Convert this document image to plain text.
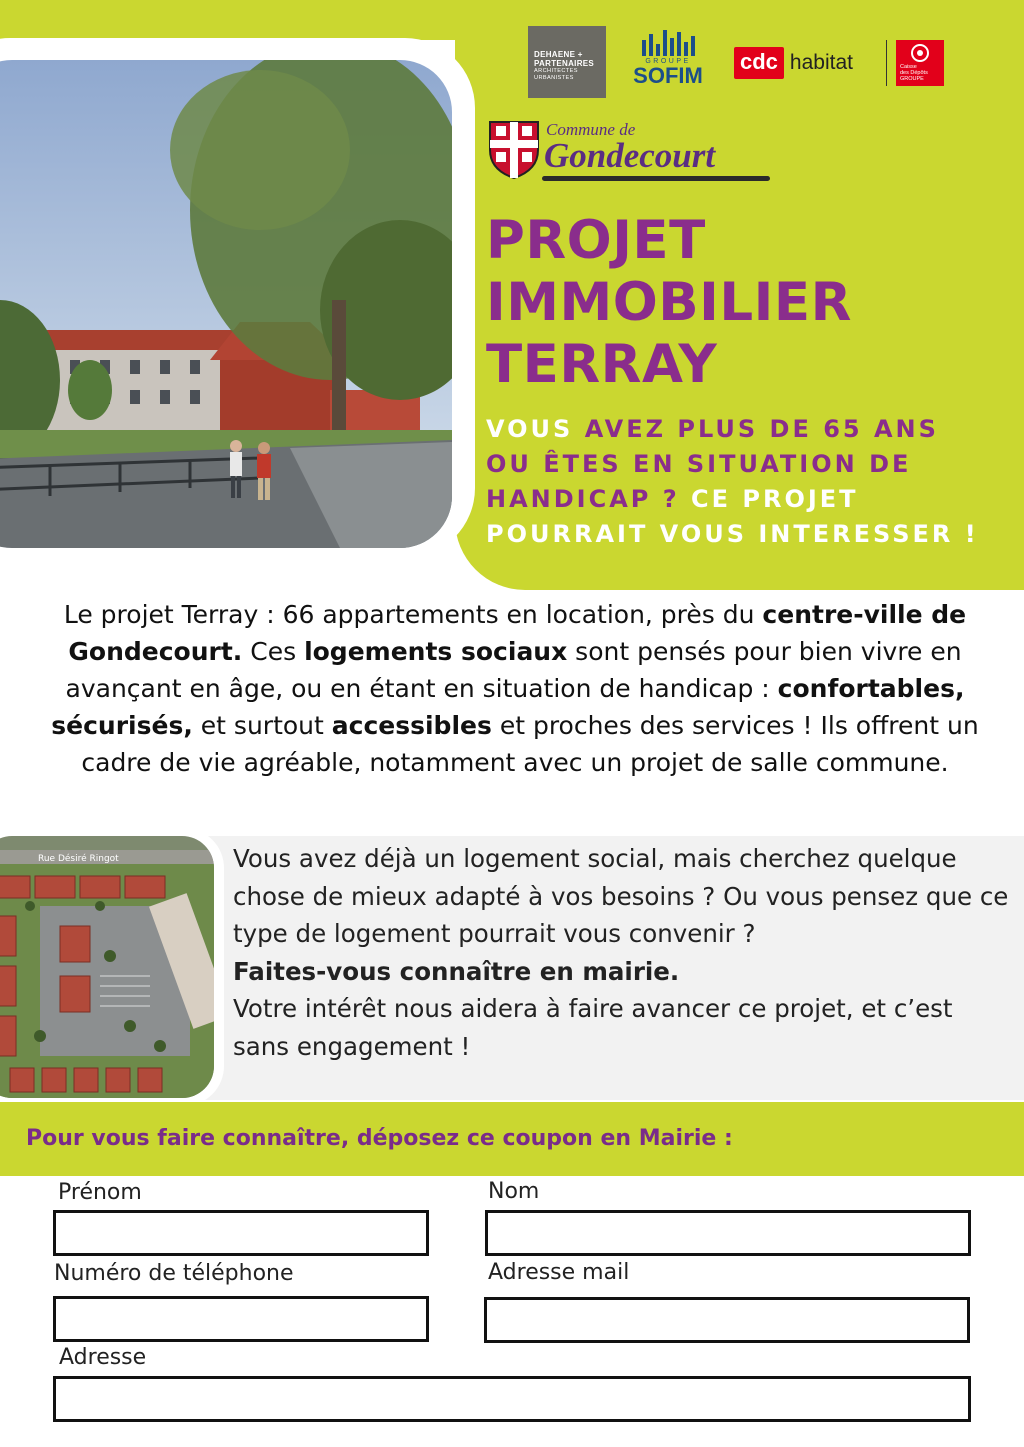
DEHAENE +
PARTENAIRES
ARCHITECTES
URBANISTES
GROUPE
SOFIM
cdc habitat	Caisse
des Dépôts
GROUPE
Commune de
Gondecourt
PROJET
IMMOBILIER
TERRAY
VOUS AVEZ PLUS DE 65 ANS
OU ÊTES EN SITUATION DE
HANDICAP ? CE PROJET
POURRAIT VOUS INTERESSER !

Le projet Terray : 66 appartements en location, près du centre-ville de Gondecourt. Ces logements sociaux sont pensés pour bien vivre en avançant en âge, ou en étant en situation de handicap : confortables, sécurisés, et surtout accessibles et proches des services ! Ils offrent un cadre de vie agréable, notamment avec un projet de salle commune.

Rue Désiré Ringot	Vous avez déjà un logement social, mais cherchez quelque chose de mieux adapté à vos besoins ? Ou vous pensez que ce type de logement pourrait vous convenir ?
Faites-vous connaître en mairie.
Votre intérêt nous aidera à faire avancer ce projet, et c’est sans engagement !
Pour vous faire connaître, déposez ce coupon en Mairie :
Prénom	Nom
Numéro de téléphone	Adresse mail
Adresse
